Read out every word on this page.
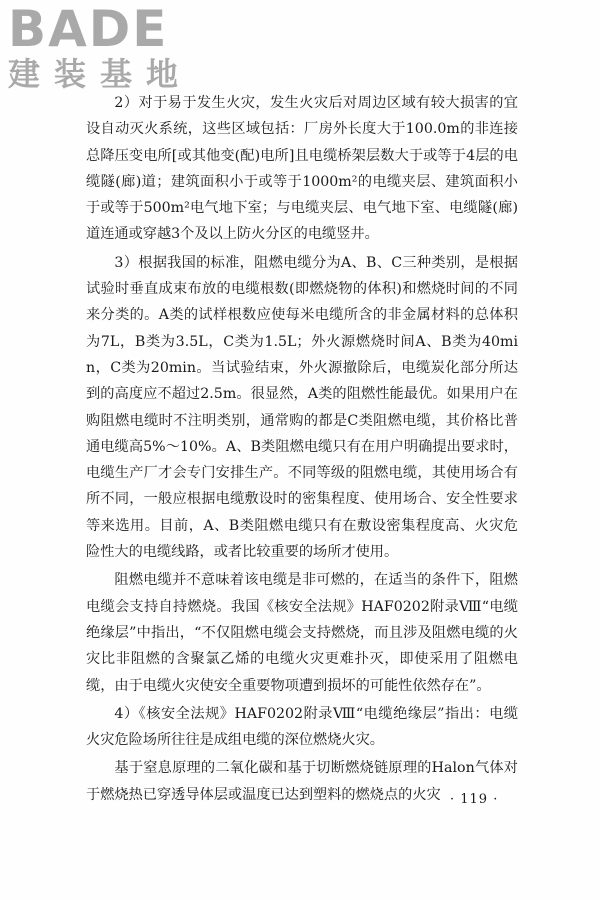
BADE
建装基地

2）对于易于发生火灾，发生火灾后对周边区域有较大损害的宜设自动灭火系统，这些区域包括：厂房外长度大于100.0m的非连接总降压变电所[或其他变(配)电所]且电缆桥架层数大于或等于4层的电缆隧(廊)道；建筑面积小于或等于1000m²的电缆夹层、建筑面积小于或等于500m²电气地下室；与电缆夹层、电气地下室、电缆隧(廊)道连通或穿越3个及以上防火分区的电缆竖井。

3）根据我国的标准，阻燃电缆分为A、B、C三种类别，是根据试验时垂直成束布放的电缆根数(即燃烧物的体积)和燃烧时间的不同来分类的。A类的试样根数应使每米电缆所含的非金属材料的总体积为7L，B类为3.5L，C类为1.5L；外火源燃烧时间A、B类为40min，C类为20min。当试验结束，外火源撤除后，电缆炭化部分所达到的高度应不超过2.5m。很显然，A类的阻燃性能最优。如果用户在购阻燃电缆时不注明类别，通常购的都是C类阻燃电缆，其价格比普通电缆高5%～10%。A、B类阻燃电缆只有在用户明确提出要求时，电缆生产厂才会专门安排生产。不同等级的阻燃电缆，其使用场合有所不同，一般应根据电缆敷设时的密集程度、使用场合、安全性要求等来选用。目前，A、B类阻燃电缆只有在敷设密集程度高、火灾危险性大的电缆线路，或者比较重要的场所才使用。

阻燃电缆并不意味着该电缆是非可燃的，在适当的条件下，阻燃电缆会支持自持燃烧。我国《核安全法规》HAF0202附录Ⅷ“电缆绝缘层”中指出，“不仅阻燃电缆会支持燃烧，而且涉及阻燃电缆的火灾比非阻燃的含聚氯乙烯的电缆火灾更难扑灭，即使采用了阻燃电缆，由于电缆火灾使安全重要物项遭到损坏的可能性依然存在”。

4）《核安全法规》HAF0202附录Ⅷ“电缆绝缘层”指出：电缆火灾危险场所往往是成组电缆的深位燃烧火灾。

基于窒息原理的二氧化碳和基于切断燃烧链原理的Halon气体对于燃烧热已穿透导体层或温度已达到塑料的燃烧点的火灾 · 119 ·
